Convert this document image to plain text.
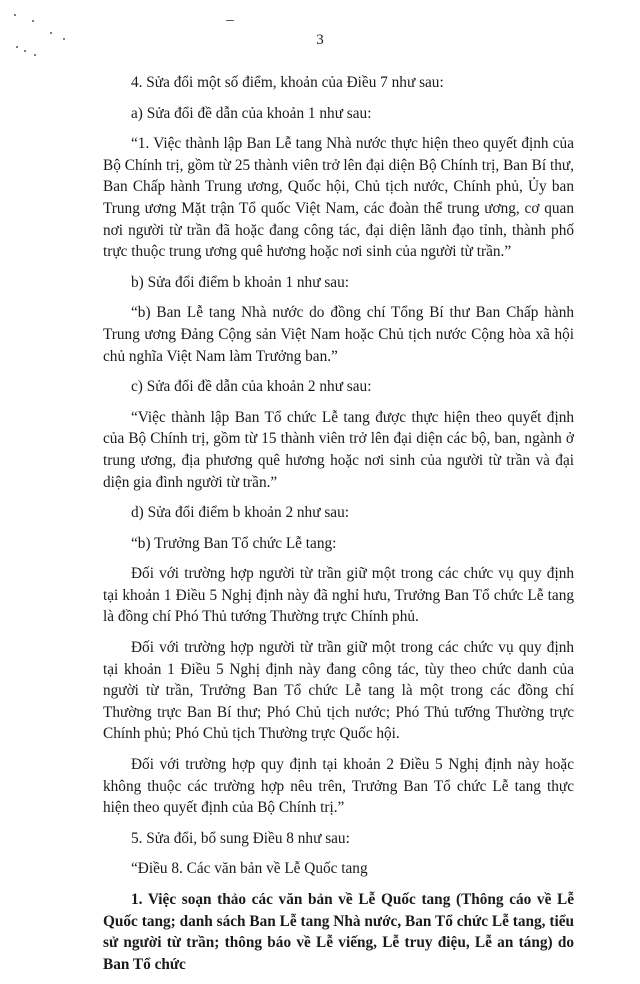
3

4. Sửa đổi một số điểm, khoản của Điều 7 như sau:

a) Sửa đổi đề dẫn của khoản 1 như sau:

“1. Việc thành lập Ban Lễ tang Nhà nước thực hiện theo quyết định của Bộ Chính trị, gồm từ 25 thành viên trở lên đại diện Bộ Chính trị, Ban Bí thư, Ban Chấp hành Trung ương, Quốc hội, Chủ tịch nước, Chính phủ, Ủy ban Trung ương Mặt trận Tổ quốc Việt Nam, các đoàn thể trung ương, cơ quan nơi người từ trần đã hoặc đang công tác, đại diện lãnh đạo tỉnh, thành phố trực thuộc trung ương quê hương hoặc nơi sinh của người từ trần.”

b) Sửa đổi điểm b khoản 1 như sau:

“b) Ban Lễ tang Nhà nước do đồng chí Tổng Bí thư Ban Chấp hành Trung ương Đảng Cộng sản Việt Nam hoặc Chủ tịch nước Cộng hòa xã hội chủ nghĩa Việt Nam làm Trưởng ban.”

c) Sửa đổi đề dẫn của khoản 2 như sau:

“Việc thành lập Ban Tổ chức Lễ tang được thực hiện theo quyết định của Bộ Chính trị, gồm từ 15 thành viên trở lên đại diện các bộ, ban, ngành ở trung ương, địa phương quê hương hoặc nơi sinh của người từ trần và đại diện gia đình người từ trần.”

d) Sửa đổi điểm b khoản 2 như sau:

“b) Trưởng Ban Tổ chức Lễ tang:

Đối với trường hợp người từ trần giữ một trong các chức vụ quy định tại khoản 1 Điều 5 Nghị định này đã nghỉ hưu, Trưởng Ban Tổ chức Lễ tang là đồng chí Phó Thủ tướng Thường trực Chính phủ.

Đối với trường hợp người từ trần giữ một trong các chức vụ quy định tại khoản 1 Điều 5 Nghị định này đang công tác, tùy theo chức danh của người từ trần, Trưởng Ban Tổ chức Lễ tang là một trong các đồng chí Thường trực Ban Bí thư; Phó Chủ tịch nước; Phó Thủ tướng Thường trực Chính phủ; Phó Chủ tịch Thường trực Quốc hội.

Đối với trường hợp quy định tại khoản 2 Điều 5 Nghị định này hoặc không thuộc các trường hợp nêu trên, Trưởng Ban Tổ chức Lễ tang thực hiện theo quyết định của Bộ Chính trị.”

5. Sửa đổi, bổ sung Điều 8 như sau:

“Điều 8. Các văn bản về Lễ Quốc tang

1. Việc soạn thảo các văn bản về Lễ Quốc tang (Thông cáo về Lễ Quốc tang; danh sách Ban Lễ tang Nhà nước, Ban Tổ chức Lễ tang, tiểu sử người từ trần; thông báo về Lễ viếng, Lễ truy điệu, Lễ an táng) do Ban Tổ chức
